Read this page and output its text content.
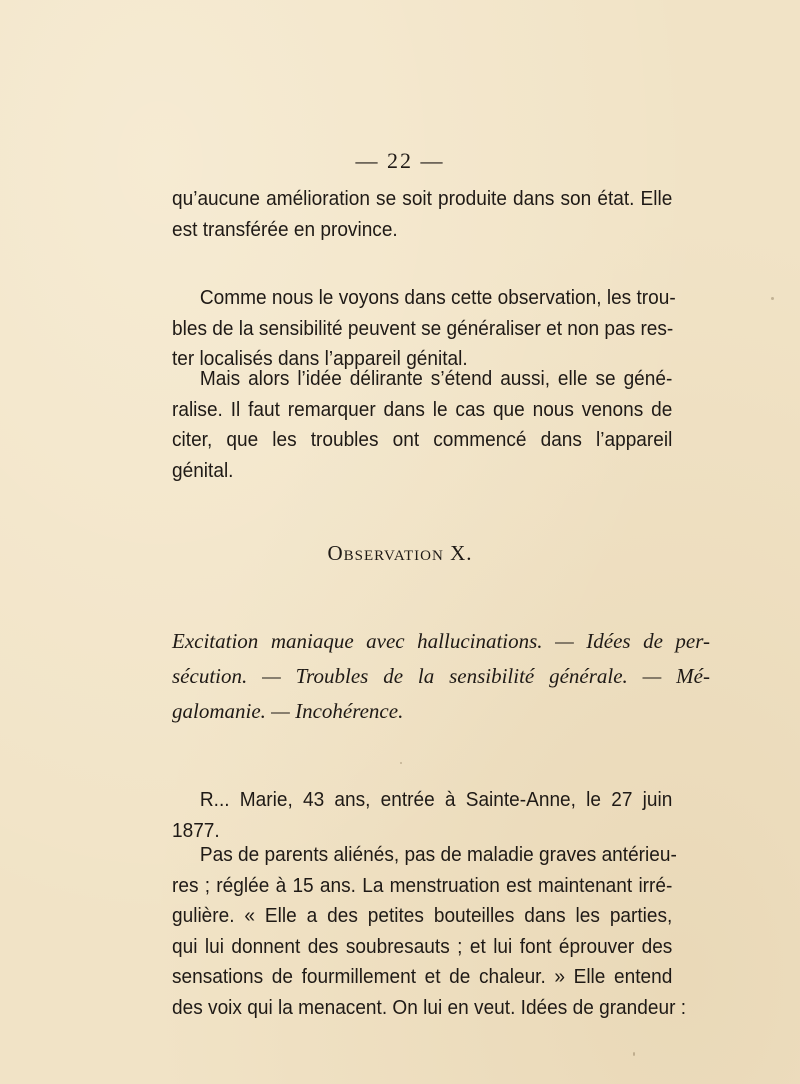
— 22 —
qu’aucune amélioration se soit produite dans son état. Elle
est transférée en province.
Comme nous le voyons dans cette observation, les trou-
bles de la sensibilité peuvent se généraliser et non pas res-
ter localisés dans l’appareil génital.
Mais alors l’idée délirante s’étend aussi, elle se géné-
ralise. Il faut remarquer dans le cas que nous venons de
citer, que les troubles ont commencé dans l’appareil
génital.
Observation X.
Excitation maniaque avec hallucinations. — Idées de per-
sécution. — Troubles de la sensibilité générale. — Mé-
galomanie. — Incohérence.
R... Marie, 43 ans, entrée à Sainte-Anne, le 27 juin
1877.
Pas de parents aliénés, pas de maladie graves antérieu-
res ; réglée à 15 ans. La menstruation est maintenant irré-
gulière. « Elle a des petites bouteilles dans les parties,
qui lui donnent des soubresauts ; et lui font éprouver des
sensations de fourmillement et de chaleur. » Elle entend
des voix qui la menacent. On lui en veut. Idées de grandeur :
